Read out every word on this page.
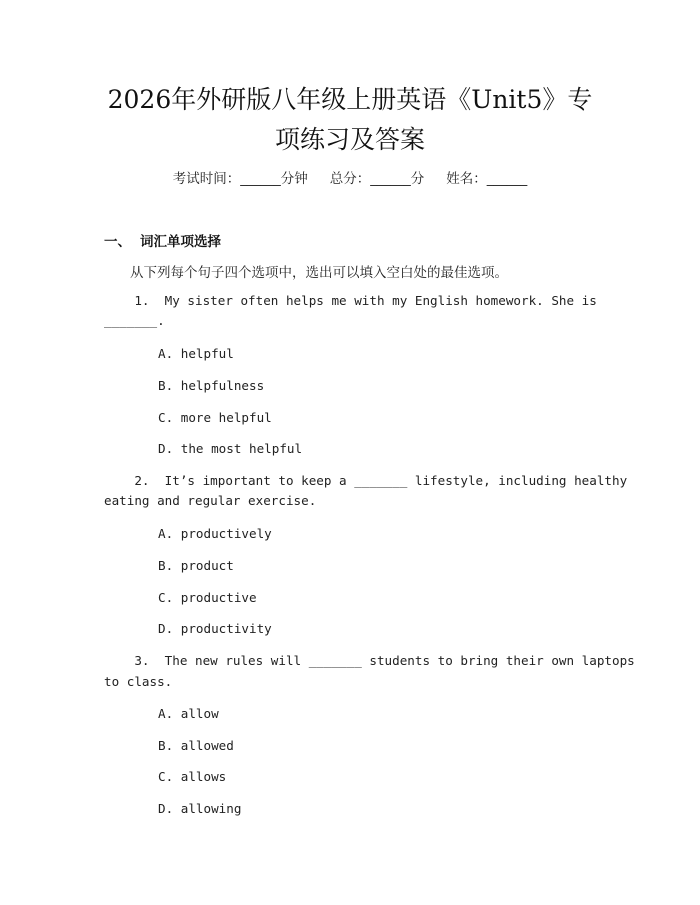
2026年外研版八年级上册英语《Unit5》专
项练习及答案
考试时间：______分钟 总分：______分 姓名：______
一、 词汇单项选择
从下列每个句子四个选项中，选出可以填入空白处的最佳选项。
1.  My sister often helps me with my English homework. She is
_______.
A. helpful
B. helpfulness
C. more helpful
D. the most helpful
2.  It’s important to keep a _______ lifestyle, including healthy
eating and regular exercise.
A. productively
B. product
C. productive
D. productivity
3.  The new rules will _______ students to bring their own laptops
to class.
A. allow
B. allowed
C. allows
D. allowing
